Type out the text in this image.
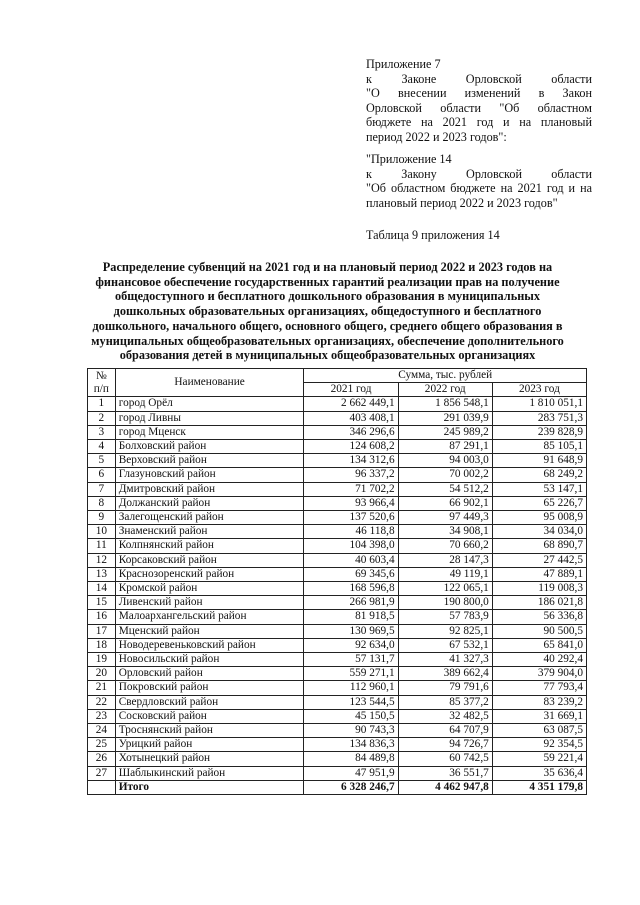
Приложение 7
к Законе Орловской области
"О внесении изменений в Закон
Орловской области "Об областном
бюджете на 2021 год и на плановый
период 2022 и 2023 годов":
"Приложение 14
к Закону Орловской области
"Об областном бюджете на 2021 год и на
плановый период 2022 и 2023 годов"
Таблица 9 приложения 14
Распределение субвенций на 2021 год и на плановый период 2022 и 2023 годов на
финансовое обеспечение государственных гарантий реализации прав на получение
общедоступного и бесплатного дошкольного образования в муниципальных
дошкольных образовательных организациях, общедоступного и бесплатного
дошкольного, начального общего, основного общего, среднего общего образования в
муниципальных общеобразовательных организациях, обеспечение дополнительного
образования детей в муниципальных общеобразовательных организациях
№ п/п	Наименование	Сумма, тыс. рублей		
		2021 год	2022 год	2023 год
1	город Орёл	2 662 449,1	1 856 548,1	1 810 051,1
2	город Ливны	403 408,1	291 039,9	283 751,3
3	город Мценск	346 296,6	245 989,2	239 828,9
4	Болховский район	124 608,2	87 291,1	85 105,1
5	Верховский район	134 312,6	94 003,0	91 648,9
6	Глазуновский район	96 337,2	70 002,2	68 249,2
7	Дмитровский район	71 702,2	54 512,2	53 147,1
8	Должанский район	93 966,4	66 902,1	65 226,7
9	Залегощенский район	137 520,6	97 449,3	95 008,9
10	Знаменский район	46 118,8	34 908,1	34 034,0
11	Колпнянский район	104 398,0	70 660,2	68 890,7
12	Корсаковский район	40 603,4	28 147,3	27 442,5
13	Краснозоренский район	69 345,6	49 119,1	47 889,1
14	Кромской район	168 596,8	122 065,1	119 008,3
15	Ливенский район	266 981,9	190 800,0	186 021,8
16	Малоархангельский район	81 918,5	57 783,9	56 336,8
17	Мценский район	130 969,5	92 825,1	90 500,5
18	Новодеревеньковский район	92 634,0	67 532,1	65 841,0
19	Новосильский район	57 131,7	41 327,3	40 292,4
20	Орловский район	559 271,1	389 662,4	379 904,0
21	Покровский район	112 960,1	79 791,6	77 793,4
22	Свердловский район	123 544,5	85 377,2	83 239,2
23	Сосковский район	45 150,5	32 482,5	31 669,1
24	Троснянский район	90 743,3	64 707,9	63 087,5
25	Урицкий район	134 836,3	94 726,7	92 354,5
26	Хотынецкий район	84 489,8	60 742,5	59 221,4
27	Шаблыкинский район	47 951,9	36 551,7	35 636,4
	Итого	6 328 246,7	4 462 947,8	4 351 179,8
